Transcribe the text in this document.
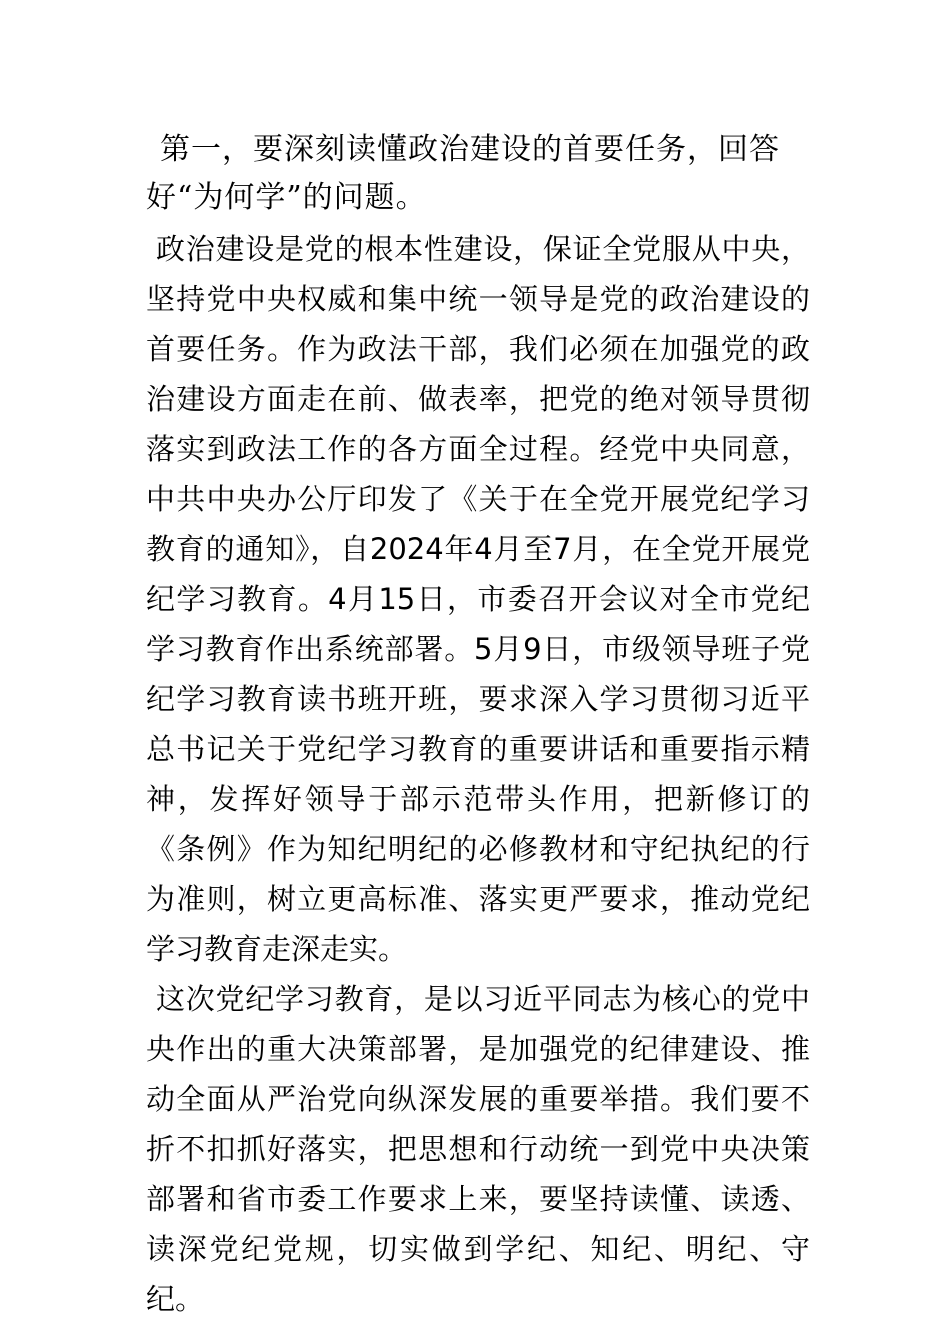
第一，要深刻读懂政治建设的首要任务，回答好“为何学”的问题。

政治建设是党的根本性建设，保证全党服从中央，坚持党中央权威和集中统一领导是党的政治建设的首要任务。作为政法干部，我们必须在加强党的政治建设方面走在前、做表率，把党的绝对领导贯彻落实到政法工作的各方面全过程。经党中央同意，中共中央办公厅印发了《关于在全党开展党纪学习教育的通知》，自2024年4月至7月，在全党开展党纪学习教育。4月15日，市委召开会议对全市党纪学习教育作出系统部署。5月9日，市级领导班子党纪学习教育读书班开班，要求深入学习贯彻习近平总书记关于党纪学习教育的重要讲话和重要指示精神，发挥好领导于部示范带头作用，把新修订的《条例》作为知纪明纪的必修教材和守纪执纪的行为准则，树立更高标准、落实更严要求，推动党纪学习教育走深走实。

这次党纪学习教育，是以习近平同志为核心的党中央作出的重大决策部署，是加强党的纪律建设、推动全面从严治党向纵深发展的重要举措。我们要不折不扣抓好落实，把思想和行动统一到党中央决策部署和省市委工作要求上来，要坚持读懂、读透、读深党纪党规，切实做到学纪、知纪、明纪、守纪。
